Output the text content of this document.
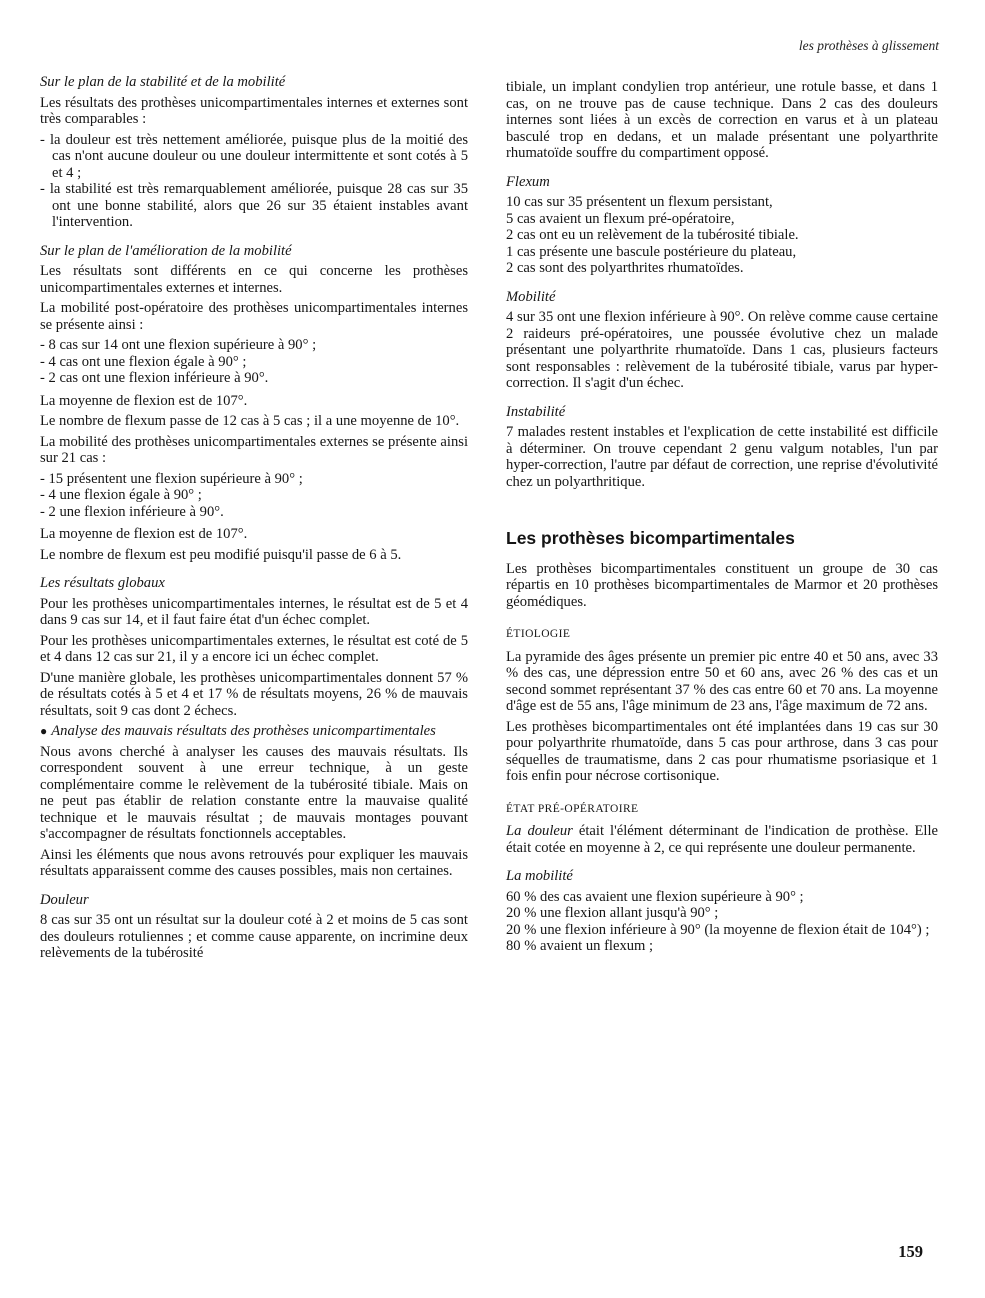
les prothèses à glissement
Sur le plan de la stabilité et de la mobilité

Les résultats des prothèses unicompartimentales internes et externes sont très comparables :

- la douleur est très nettement améliorée, puisque plus de la moitié des cas n'ont aucune douleur ou une douleur intermittente et sont cotés à 5 et 4 ;

- la stabilité est très remarquablement améliorée, puisque 28 cas sur 35 ont une bonne stabilité, alors que 26 sur 35 étaient instables avant l'intervention.

Sur le plan de l'amélioration de la mobilité

Les résultats sont différents en ce qui concerne les prothèses unicompartimentales externes et internes.

La mobilité post-opératoire des prothèses unicompartimentales internes se présente ainsi :

- 8 cas sur 14 ont une flexion supérieure à 90° ;

- 4 cas ont une flexion égale à 90° ;

- 2 cas ont une flexion inférieure à 90°.

La moyenne de flexion est de 107°.

Le nombre de flexum passe de 12 cas à 5 cas ; il a une moyenne de 10°.

La mobilité des prothèses unicompartimentales externes se présente ainsi sur 21 cas :

- 15 présentent une flexion supérieure à 90° ;

- 4 une flexion égale à 90° ;

- 2 une flexion inférieure à 90°.

La moyenne de flexion est de 107°.

Le nombre de flexum est peu modifié puisqu'il passe de 6 à 5.

Les résultats globaux

Pour les prothèses unicompartimentales internes, le résultat est de 5 et 4 dans 9 cas sur 14, et il faut faire état d'un échec complet.

Pour les prothèses unicompartimentales externes, le résultat est coté de 5 et 4 dans 12 cas sur 21, il y a encore ici un échec complet.

D'une manière globale, les prothèses unicompartimentales donnent 57 % de résultats cotés à 5 et 4 et 17 % de résultats moyens, 26 % de mauvais résultats, soit 9 cas dont 2 échecs.

● Analyse des mauvais résultats des prothèses unicompartimentales

Nous avons cherché à analyser les causes des mauvais résultats. Ils correspondent souvent à une erreur technique, à un geste complémentaire comme le relèvement de la tubérosité tibiale. Mais on ne peut pas établir de relation constante entre la mauvaise qualité technique et le mauvais résultat ; de mauvais montages pouvant s'accompagner de résultats fonctionnels acceptables.

Ainsi les éléments que nous avons retrouvés pour expliquer les mauvais résultats apparaissent comme des causes possibles, mais non certaines.

Douleur

8 cas sur 35 ont un résultat sur la douleur coté à 2 et moins de 5 cas sont des douleurs rotuliennes ; et comme cause apparente, on incrimine deux relèvements de la tubérosité

tibiale, un implant condylien trop antérieur, une rotule basse, et dans 1 cas, on ne trouve pas de cause technique. Dans 2 cas des douleurs internes sont liées à un excès de correction en varus et à un plateau basculé trop en dedans, et un malade présentant une polyarthrite rhumatoïde souffre du compartiment opposé.

Flexum

10 cas sur 35 présentent un flexum persistant,

5 cas avaient un flexum pré-opératoire,

2 cas ont eu un relèvement de la tubérosité tibiale.

1 cas présente une bascule postérieure du plateau,

2 cas sont des polyarthrites rhumatoïdes.

Mobilité

4 sur 35 ont une flexion inférieure à 90°. On relève comme cause certaine 2 raideurs pré-opératoires, une poussée évolutive chez un malade présentant une polyarthrite rhumatoïde. Dans 1 cas, plusieurs facteurs sont responsables : relèvement de la tubérosité tibiale, varus par hyper-correction. Il s'agit d'un échec.

Instabilité

7 malades restent instables et l'explication de cette instabilité est difficile à déterminer. On trouve cependant 2 genu valgum notables, l'un par hyper-correction, l'autre par défaut de correction, une reprise d'évolutivité chez un polyarthritique.

Les prothèses bicompartimentales

Les prothèses bicompartimentales constituent un groupe de 30 cas répartis en 10 prothèses bicompartimentales de Marmor et 20 prothèses géomédiques.

ÉTIOLOGIE

La pyramide des âges présente un premier pic entre 40 et 50 ans, avec 33 % des cas, une dépression entre 50 et 60 ans, avec 26 % des cas et un second sommet représentant 37 % des cas entre 60 et 70 ans. La moyenne d'âge est de 55 ans, l'âge minimum de 23 ans, l'âge maximum de 72 ans.

Les prothèses bicompartimentales ont été implantées dans 19 cas sur 30 pour polyarthrite rhumatoïde, dans 5 cas pour arthrose, dans 3 cas pour séquelles de traumatisme, dans 2 cas pour rhumatisme psoriasique et 1 fois enfin pour nécrose cortisonique.

ÉTAT PRÉ-OPÉRATOIRE

La douleur était l'élément déterminant de l'indication de prothèse. Elle était cotée en moyenne à 2, ce qui représente une douleur permanente.

La mobilité

60 % des cas avaient une flexion supérieure à 90° ;

20 % une flexion allant jusqu'à 90° ;

20 % une flexion inférieure à 90° (la moyenne de flexion était de 104°) ;

80 % avaient un flexum ;

159
